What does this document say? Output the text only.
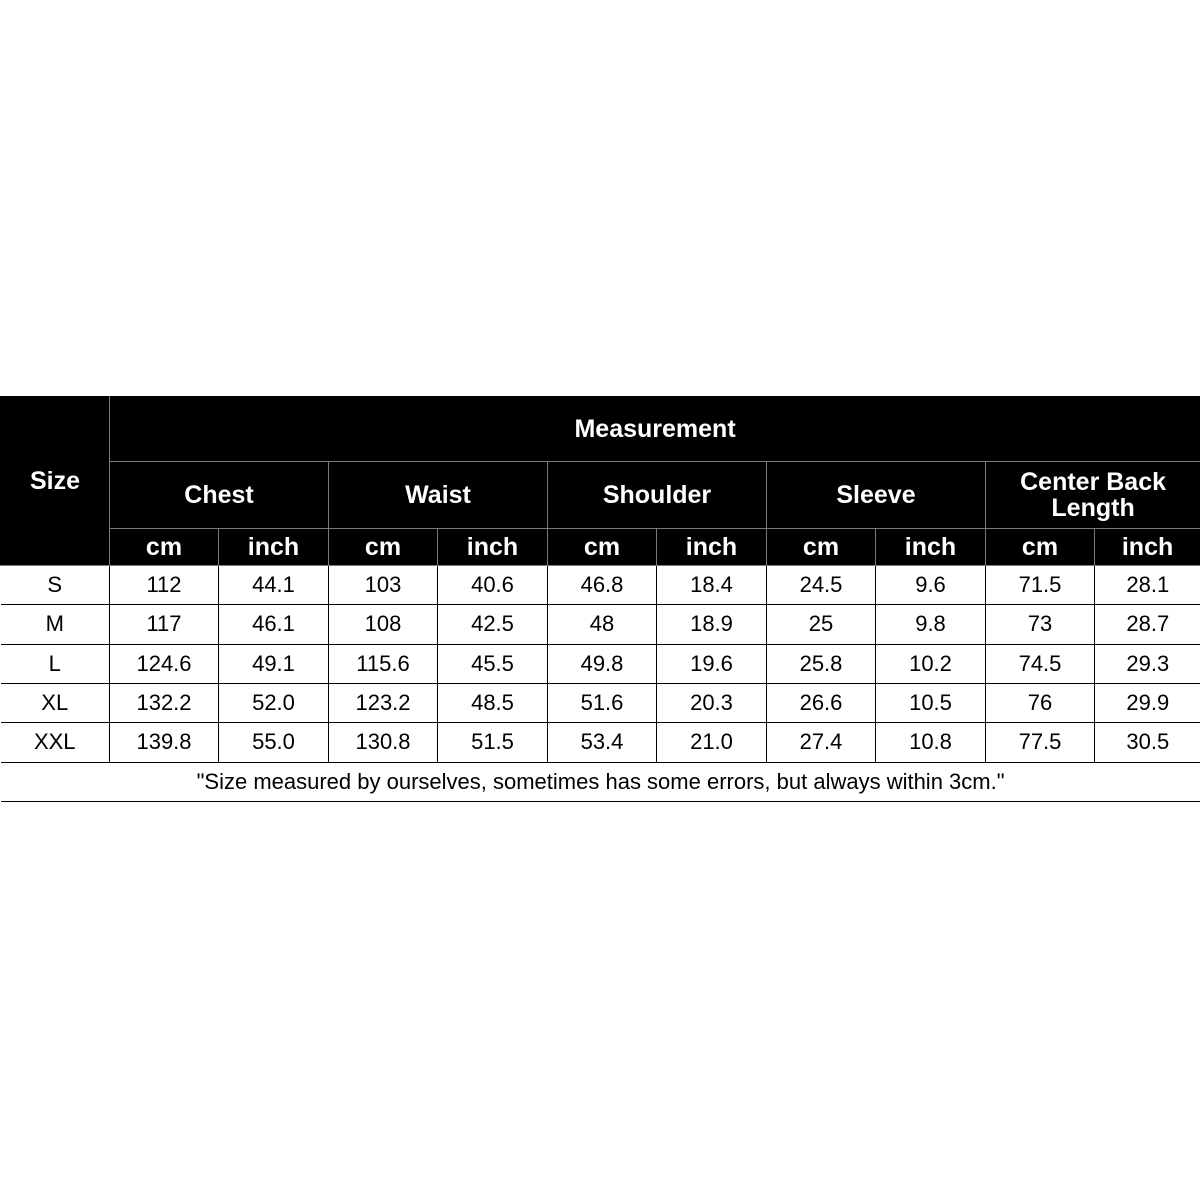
Size	Measurement									
	Chest		Waist		Shoulder		Sleeve		Center Back Length	
	cm	inch	cm	inch	cm	inch	cm	inch	cm	inch
S	112	44.1	103	40.6	46.8	18.4	24.5	9.6	71.5	28.1
M	117	46.1	108	42.5	48	18.9	25	9.8	73	28.7
L	124.6	49.1	115.6	45.5	49.8	19.6	25.8	10.2	74.5	29.3
XL	132.2	52.0	123.2	48.5	51.6	20.3	26.6	10.5	76	29.9
XXL	139.8	55.0	130.8	51.5	53.4	21.0	27.4	10.8	77.5	30.5
"Size measured by ourselves, sometimes has some errors, but always within 3cm."										
